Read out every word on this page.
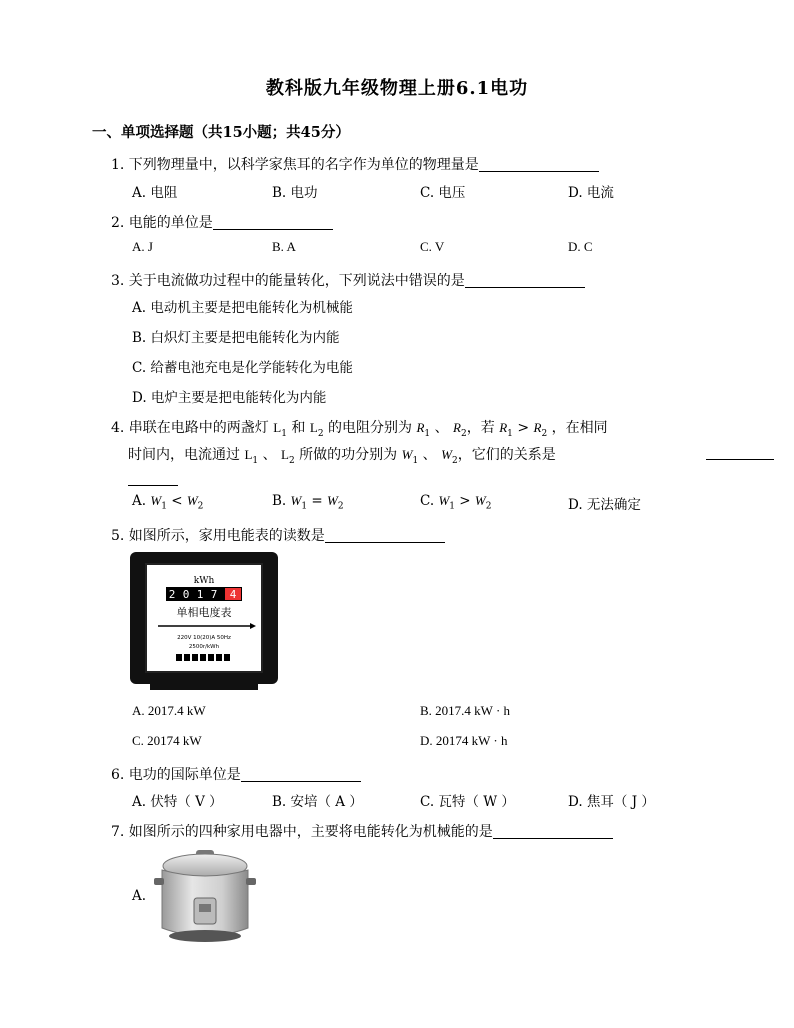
教科版九年级物理上册6.1电功
一、单项选择题（共15小题；共45分）
1. 下列物理量中，以科学家焦耳的名字作为单位的物理量是
A. 电阻	B. 电功	C. 电压	D. 电流
2. 电能的单位是
A. J	B. A	C. V	D. C
3. 关于电流做功过程中的能量转化，下列说法中错误的是
A. 电动机主要是把电能转化为机械能
B. 白炽灯主要是把电能转化为内能
C. 给蓄电池充电是化学能转化为电能
D. 电炉主要是把电能转化为内能
4. 串联在电路中的两盏灯 $L_1$ 和 $L_2$ 的电阻分别为 $R_1$ 、 $R_2$，若 $R_1 > R_2$ ，在相同
时间内，电流通过 $L_1$ 、 $L_2$ 所做的功分别为 $W_1$ 、 $W_2$，它们的关系是
A. $W_1 < W_2$	B. $W_1 = W_2$	C. $W_1 > W_2$	D. 无法确定
5. 如图所示，家用电能表的读数是
kWh
2 0 1 7 4
单相电度表
220V 10(20)A 50Hz
2500r/kWh
A. 2017.4 kW	B. 2017.4 kW · h
C. 20174 kW	D. 20174 kW · h
6. 电功的国际单位是
A. 伏特（ V ）	B. 安培（ A ）	C. 瓦特（ W ）	D. 焦耳（ J ）
7. 如图所示的四种家用电器中，主要将电能转化为机械能的是
A.
